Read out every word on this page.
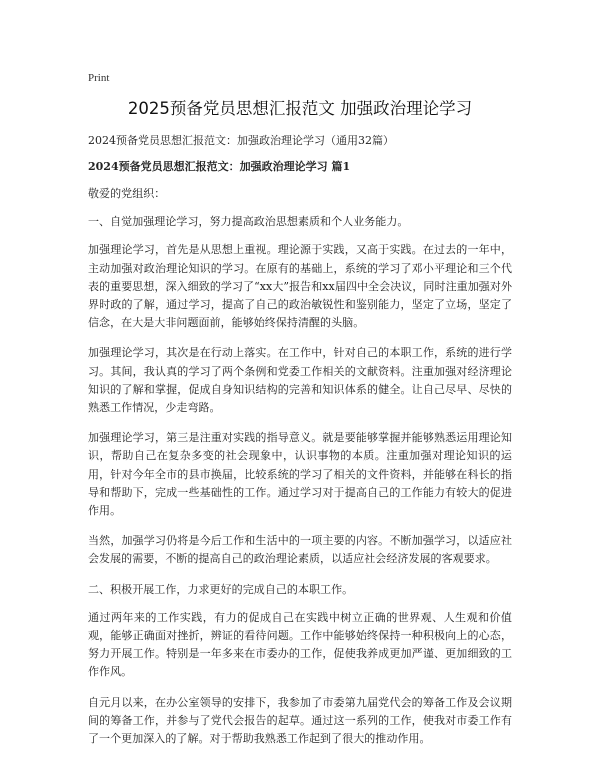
Print
2025预备党员思想汇报范文 加强政治理论学习

2024预备党员思想汇报范文：加强政治理论学习（通用32篇）

2024预备党员思想汇报范文：加强政治理论学习 篇1

敬爱的党组织：

一、自觉加强理论学习，努力提高政治思想素质和个人业务能力。

加强理论学习，首先是从思想上重视。理论源于实践，又高于实践。在过去的一年中，主动加强对政治理论知识的学习。在原有的基础上，系统的学习了邓小平理论和三个代表的重要思想，深入细致的学习了“xx大”报告和xx届四中全会决议，同时注重加强对外界时政的了解，通过学习，提高了自己的政治敏锐性和鉴别能力，坚定了立场，坚定了信念，在大是大非问题面前，能够始终保持清醒的头脑。

加强理论学习，其次是在行动上落实。在工作中，针对自己的本职工作，系统的进行学习。其间，我认真的学习了两个条例和党委工作相关的文献资料。注重加强对经济理论知识的了解和掌握，促成自身知识结构的完善和知识体系的健全。让自己尽早、尽快的熟悉工作情况，少走弯路。

加强理论学习，第三是注重对实践的指导意义。就是要能够掌握并能够熟悉运用理论知识，帮助自己在复杂多变的社会现象中，认识事物的本质。注重加强对理论知识的运用，针对今年全市的县市换届，比较系统的学习了相关的文件资料，并能够在科长的指导和帮助下，完成一些基础性的工作。通过学习对于提高自己的工作能力有较大的促进作用。

当然，加强学习仍将是今后工作和生活中的一项主要的内容。不断加强学习，以适应社会发展的需要，不断的提高自己的政治理论素质，以适应社会经济发展的客观要求。

二、积极开展工作，力求更好的完成自己的本职工作。

通过两年来的工作实践，有力的促成自己在实践中树立正确的世界观、人生观和价值观，能够正确面对挫折，辨证的看待问题。工作中能够始终保持一种积极向上的心态，努力开展工作。特别是一年多来在市委办的工作，促使我养成更加严谨、更加细致的工作作风。

自元月以来，在办公室领导的安排下，我参加了市委第九届党代会的筹备工作及会议期间的筹备工作，并参与了党代会报告的起草。通过这一系列的工作，使我对市委工作有了一个更加深入的了解。对于帮助我熟悉工作起到了很大的推动作用。
